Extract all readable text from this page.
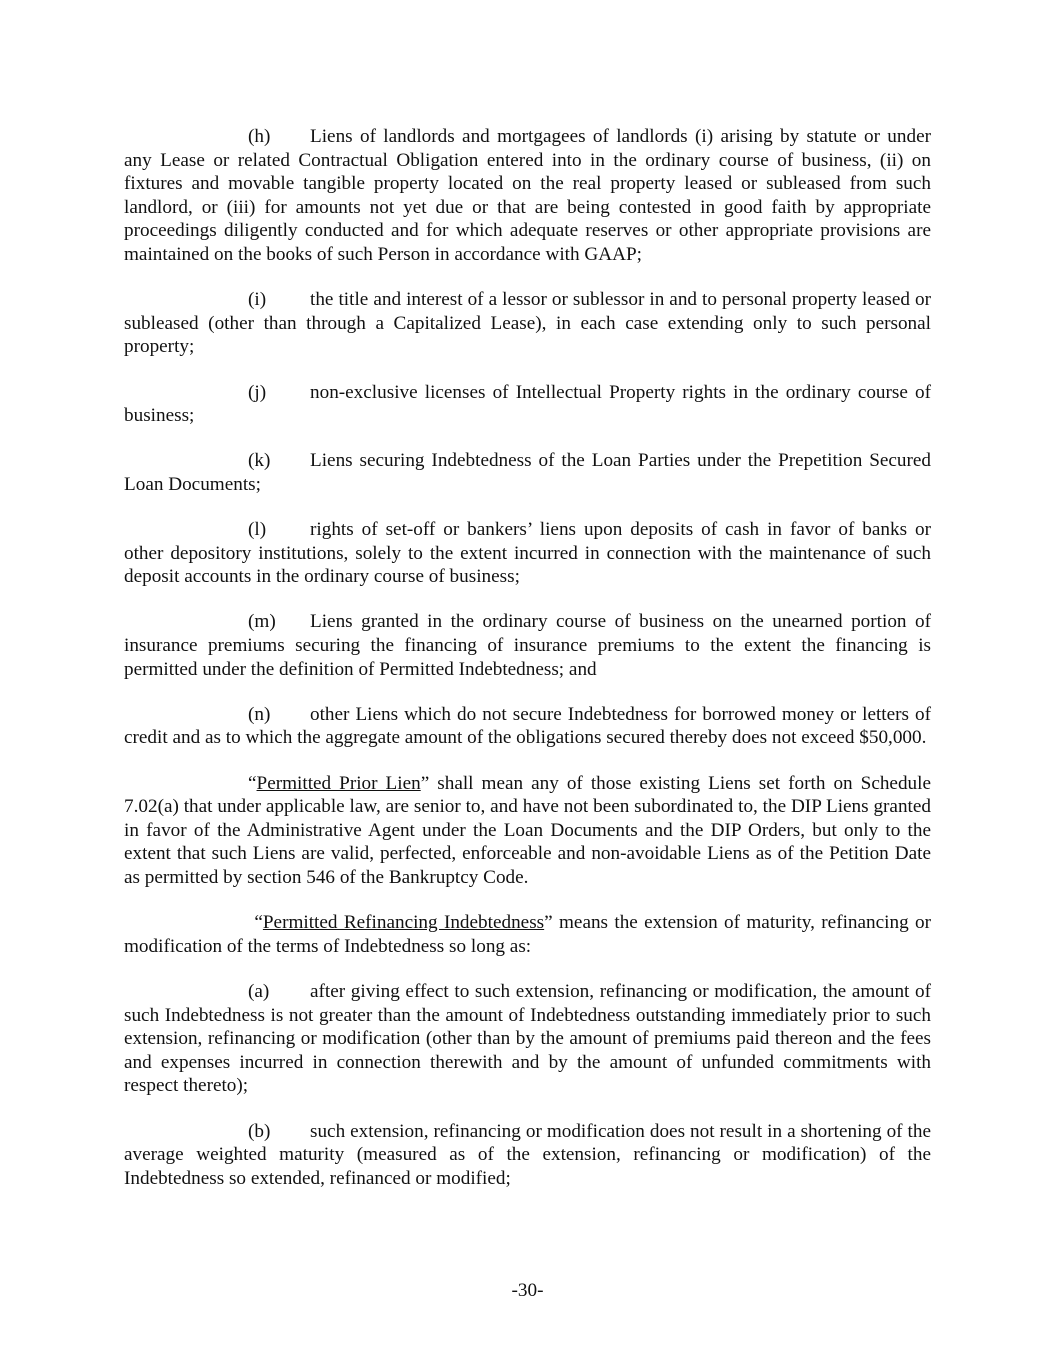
(h) Liens of landlords and mortgagees of landlords (i) arising by statute or under any Lease or related Contractual Obligation entered into in the ordinary course of business, (ii) on fixtures and movable tangible property located on the real property leased or subleased from such landlord, or (iii) for amounts not yet due or that are being contested in good faith by appropriate proceedings diligently conducted and for which adequate reserves or other appropriate provisions are maintained on the books of such Person in accordance with GAAP;

(i) the title and interest of a lessor or sublessor in and to personal property leased or subleased (other than through a Capitalized Lease), in each case extending only to such personal property;

(j) non-exclusive licenses of Intellectual Property rights in the ordinary course of business;

(k) Liens securing Indebtedness of the Loan Parties under the Prepetition Secured Loan Documents;

(l) rights of set-off or bankers’ liens upon deposits of cash in favor of banks or other depository institutions, solely to the extent incurred in connection with the maintenance of such deposit accounts in the ordinary course of business;

(m) Liens granted in the ordinary course of business on the unearned portion of insurance premiums securing the financing of insurance premiums to the extent the financing is permitted under the definition of Permitted Indebtedness; and

(n) other Liens which do not secure Indebtedness for borrowed money or letters of credit and as to which the aggregate amount of the obligations secured thereby does not exceed $50,000.

“Permitted Prior Lien” shall mean any of those existing Liens set forth on Schedule 7.02(a) that under applicable law, are senior to, and have not been subordinated to, the DIP Liens granted in favor of the Administrative Agent under the Loan Documents and the DIP Orders, but only to the extent that such Liens are valid, perfected, enforceable and non-avoidable Liens as of the Petition Date as permitted by section 546 of the Bankruptcy Code.

“Permitted Refinancing Indebtedness” means the extension of maturity, refinancing or modification of the terms of Indebtedness so long as:

(a) after giving effect to such extension, refinancing or modification, the amount of such Indebtedness is not greater than the amount of Indebtedness outstanding immediately prior to such extension, refinancing or modification (other than by the amount of premiums paid thereon and the fees and expenses incurred in connection therewith and by the amount of unfunded commitments with respect thereto);

(b) such extension, refinancing or modification does not result in a shortening of the average weighted maturity (measured as of the extension, refinancing or modification) of the Indebtedness so extended, refinanced or modified;

-30-
